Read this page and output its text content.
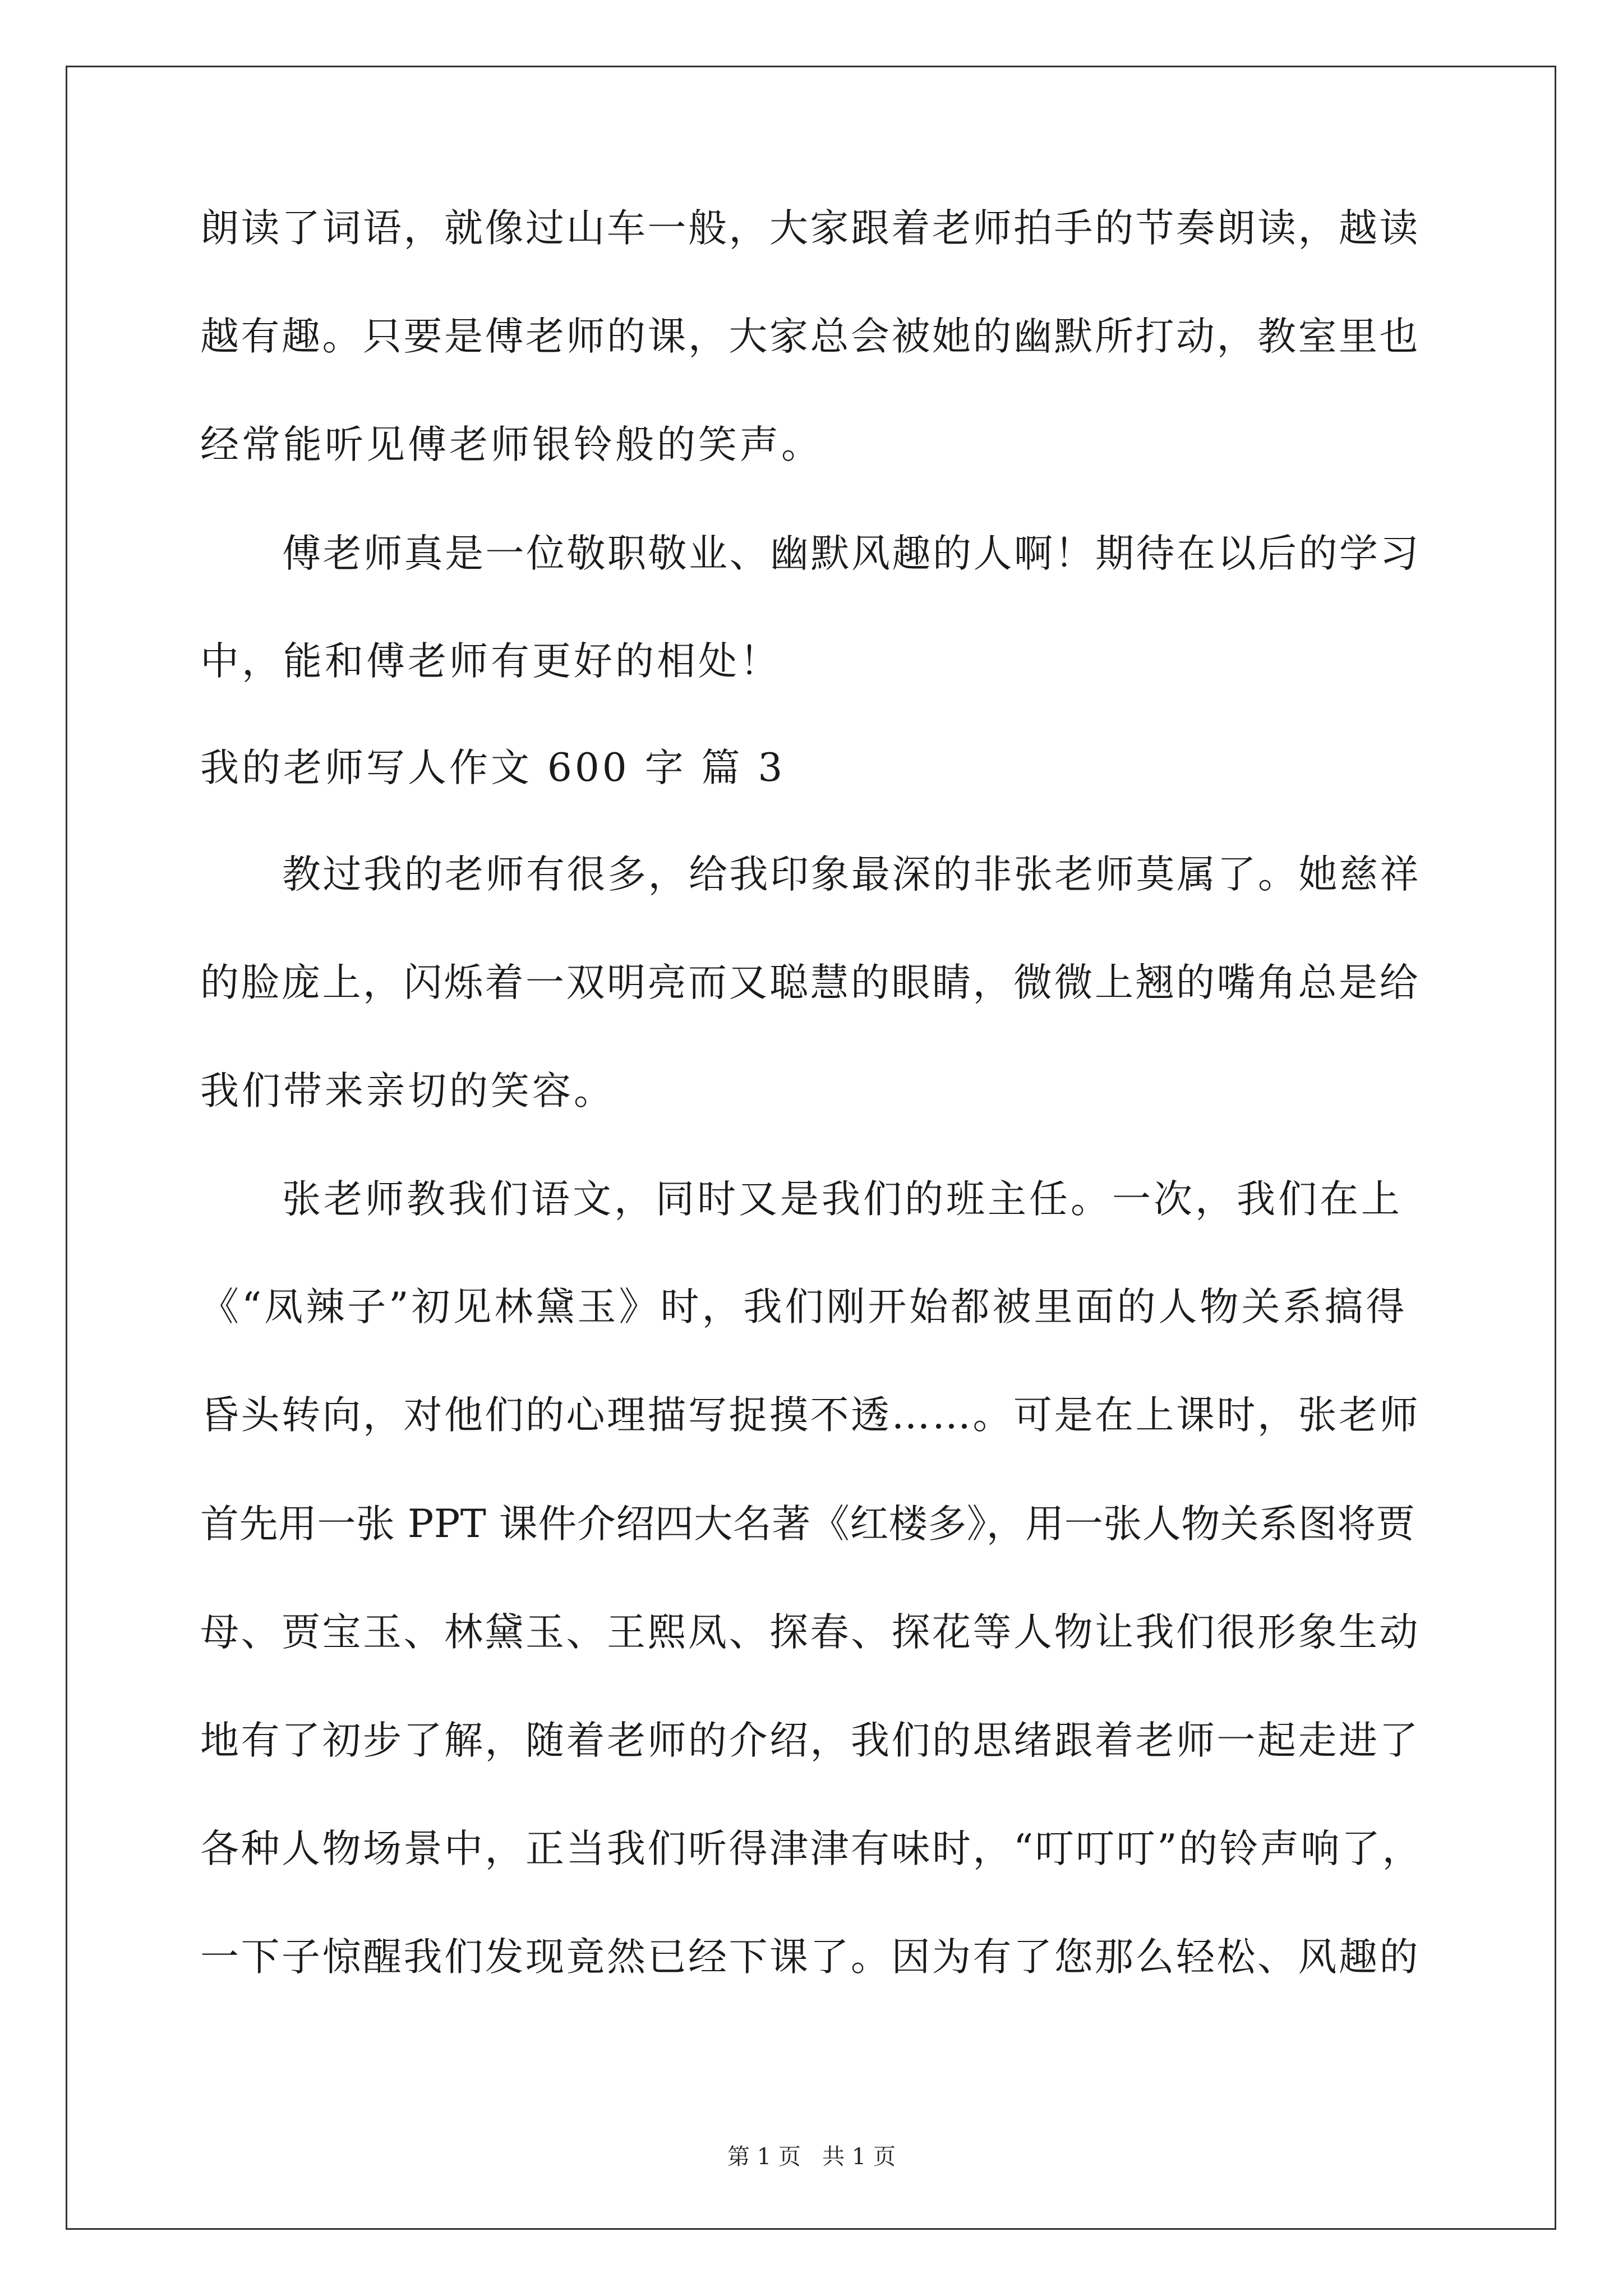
朗读了词语，就像过山车一般，大家跟着老师拍手的节奏朗读，越读
越有趣。只要是傅老师的课，大家总会被她的幽默所打动，教室里也
经常能听见傅老师银铃般的笑声。
傅老师真是一位敬职敬业、幽默风趣的人啊！期待在以后的学习
中，能和傅老师有更好的相处！
我的老师写人作文 600 字 篇 3
教过我的老师有很多，给我印象最深的非张老师莫属了。她慈祥
的脸庞上，闪烁着一双明亮而又聪慧的眼睛，微微上翘的嘴角总是给
我们带来亲切的笑容。
张老师教我们语文，同时又是我们的班主任。一次，我们在上
《“凤辣子”初见林黛玉》时，我们刚开始都被里面的人物关系搞得
昏头转向，对他们的心理描写捉摸不透……。可是在上课时，张老师
首先用一张 PPT 课件介绍四大名著《红楼多》，用一张人物关系图将贾
母、贾宝玉、林黛玉、王熙凤、探春、探花等人物让我们很形象生动
地有了初步了解，随着老师的介绍，我们的思绪跟着老师一起走进了
各种人物场景中，正当我们听得津津有味时，“叮叮叮”的铃声响了，
一下子惊醒我们发现竟然已经下课了。因为有了您那么轻松、风趣的
第 1 页   共 1 页
